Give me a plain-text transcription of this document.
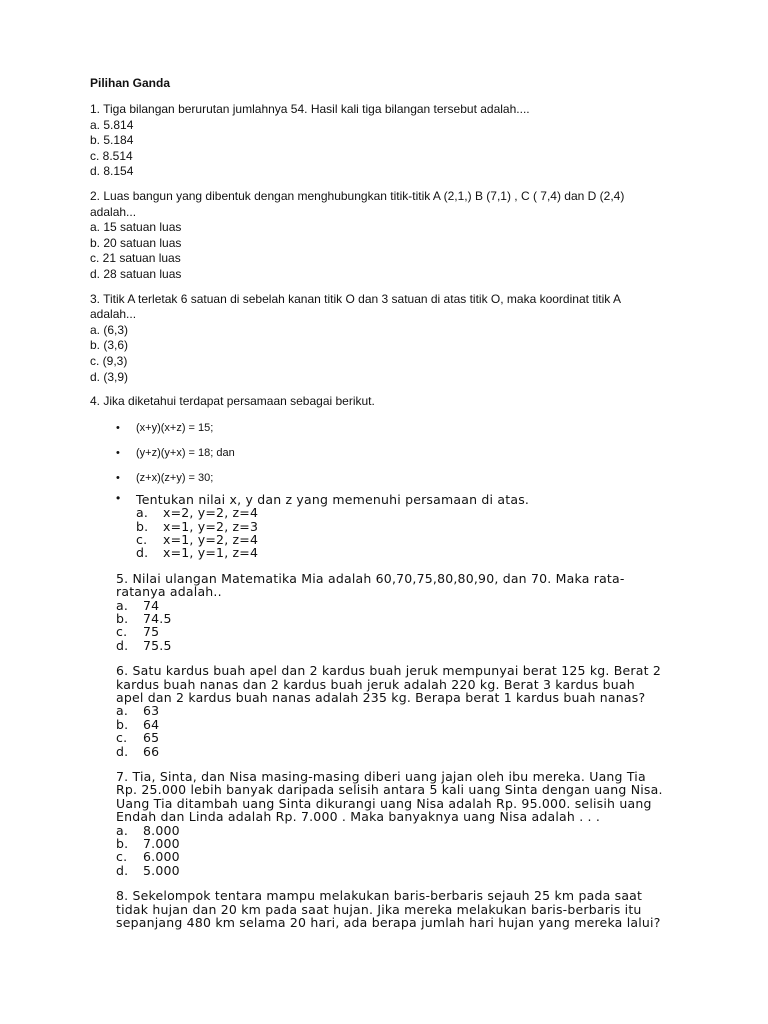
Pilihan Ganda

1. Tiga bilangan berurutan jumlahnya 54. Hasil kali tiga bilangan tersebut adalah....

a. 5.814

b. 5.184

c. 8.514

d. 8.154

2. Luas bangun yang dibentuk dengan menghubungkan titik-titik A (2,1,) B (7,1) , C ( 7,4) dan D (2,4)

adalah...

a. 15 satuan luas

b. 20 satuan luas

c. 21 satuan luas

d. 28 satuan luas

3. Titik A terletak 6 satuan di sebelah kanan titik O dan 3 satuan di atas titik O, maka koordinat titik A

adalah...

a. (6,3)

b. (3,6)

c. (9,3)

d. (3,9)

4. Jika diketahui terdapat persamaan sebagai berikut.

• (x+y)(x+z) = 15;
• (y+z)(y+x) = 18; dan
• (z+x)(z+y) = 30;
• Tentukan nilai x, y dan z yang memenuhi persamaan di atas.
a.	x=2, y=2, z=4
b.	x=1, y=2, z=3
c.	x=1, y=2, z=4
d.	x=1, y=1, z=4
5. Nilai ulangan Matematika Mia adalah 60,70,75,80,80,90, dan 70. Maka rata-
ratanya adalah..
a.	74
b.	74.5
c.	75
d.	75.5
6. Satu kardus buah apel dan 2 kardus buah jeruk mempunyai berat 125 kg. Berat 2
kardus buah nanas dan 2 kardus buah jeruk adalah 220 kg. Berat 3 kardus buah
apel dan 2 kardus buah nanas adalah 235 kg. Berapa berat 1 kardus buah nanas?
a.	63
b.	64
c.	65
d.	66
7. Tia, Sinta, dan Nisa masing-masing diberi uang jajan oleh ibu mereka. Uang Tia
Rp. 25.000 lebih banyak daripada selisih antara 5 kali uang Sinta dengan uang Nisa.
Uang Tia ditambah uang Sinta dikurangi uang Nisa adalah Rp. 95.000. selisih uang
Endah dan Linda adalah Rp. 7.000 . Maka banyaknya uang Nisa adalah . . .
a.	8.000
b.	7.000
c.	6.000
d.	5.000
8. Sekelompok tentara mampu melakukan baris-berbaris sejauh 25 km pada saat
tidak hujan dan 20 km pada saat hujan. Jika mereka melakukan baris-berbaris itu
sepanjang 480 km selama 20 hari, ada berapa jumlah hari hujan yang mereka lalui?
